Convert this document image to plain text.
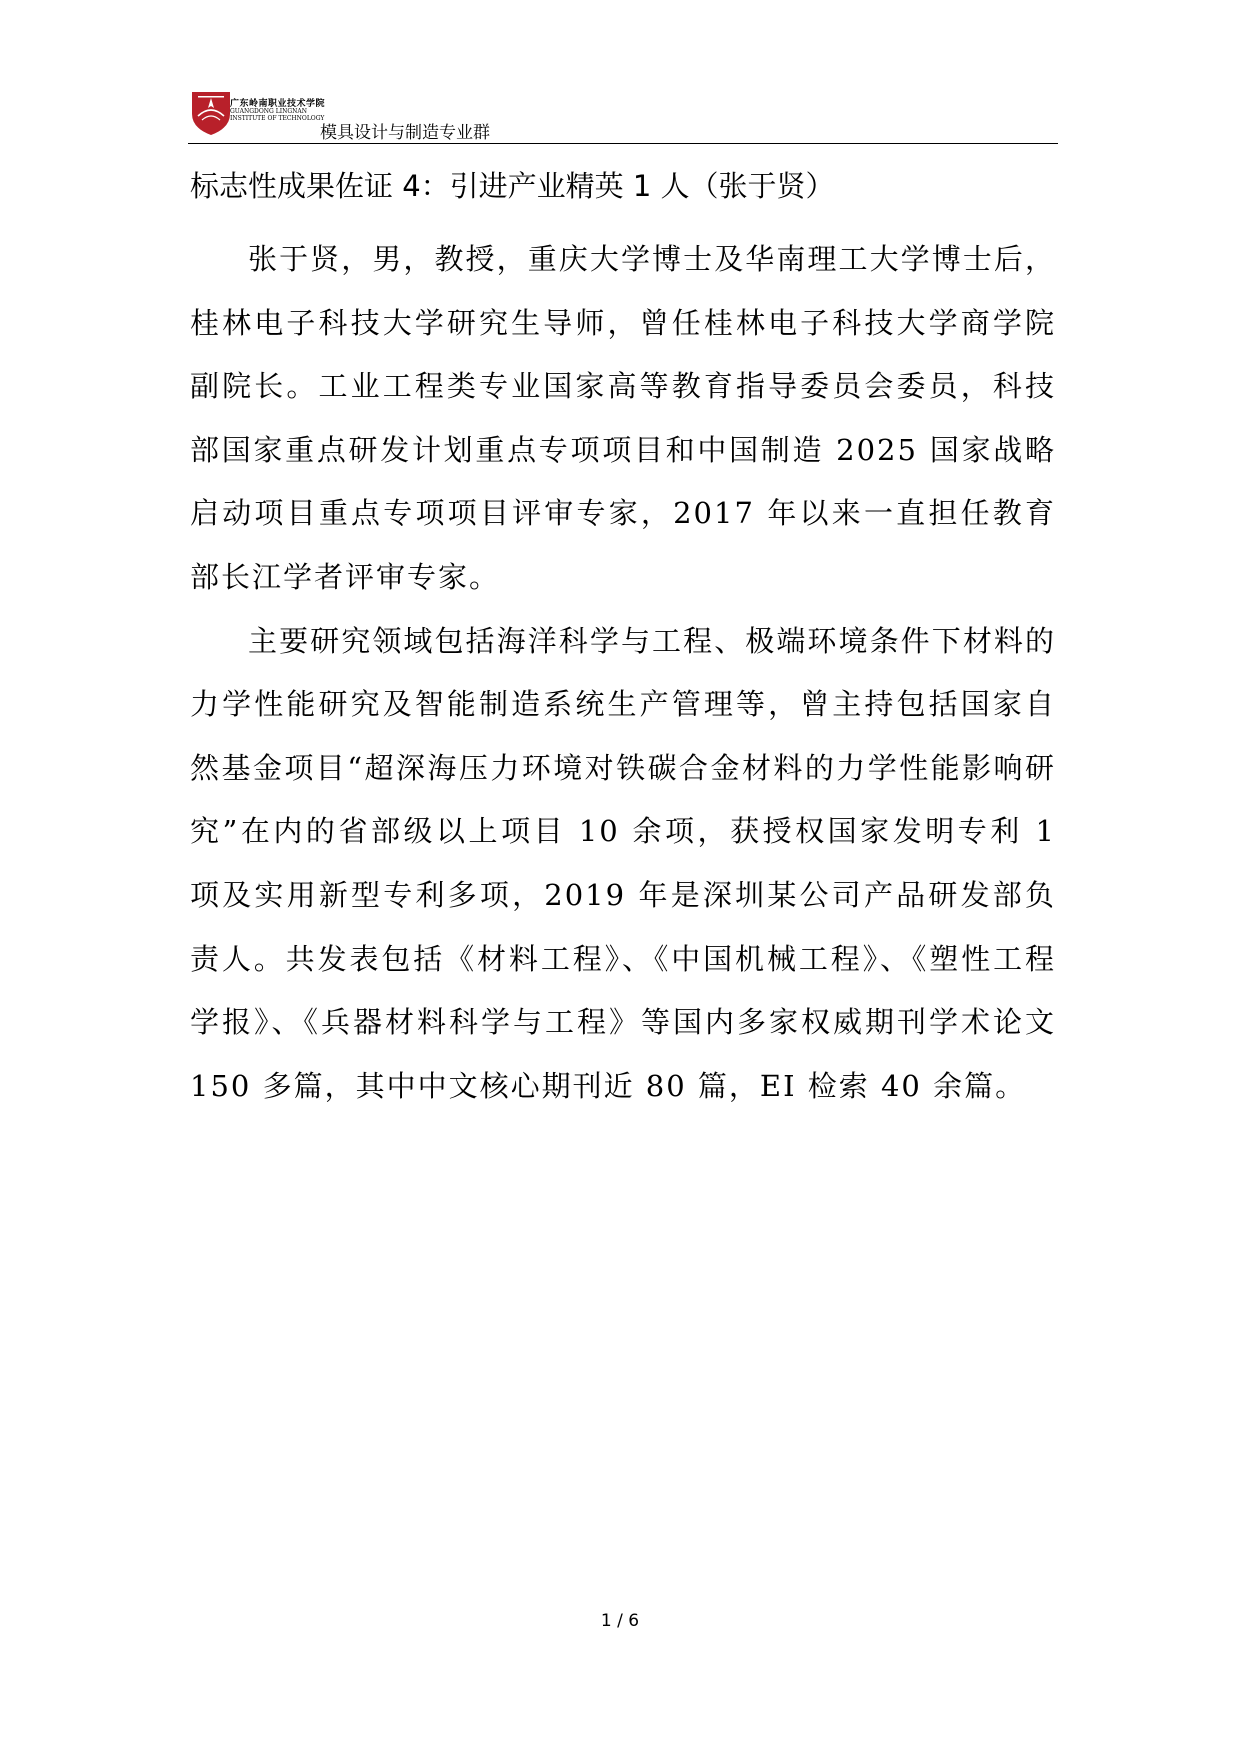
广东岭南职业技术学院
GUANGDONG LINGNAN INSTITUTE OF TECHNOLOGY
模具设计与制造专业群
标志性成果佐证 4：引进产业精英 1 人（张于贤）

张于贤，男，教授，重庆大学博士及华南理工大学博士后，桂林电子科技大学研究生导师，曾任桂林电子科技大学商学院副院长。工业工程类专业国家高等教育指导委员会委员，科技部国家重点研发计划重点专项项目和中国制造 2025 国家战略启动项目重点专项项目评审专家，2017 年以来一直担任教育部长江学者评审专家。

主要研究领域包括海洋科学与工程、极端环境条件下材料的力学性能研究及智能制造系统生产管理等，曾主持包括国家自然基金项目“超深海压力环境对铁碳合金材料的力学性能影响研究”在内的省部级以上项目 10 余项，获授权国家发明专利 1 项及实用新型专利多项，2019 年是深圳某公司产品研发部负责人。共发表包括《材料工程》、《中国机械工程》、《塑性工程学报》、《兵器材料科学与工程》等国内多家权威期刊学术论文 150 多篇，其中中文核心期刊近 80 篇，EI 检索 40 余篇。

1 / 6
